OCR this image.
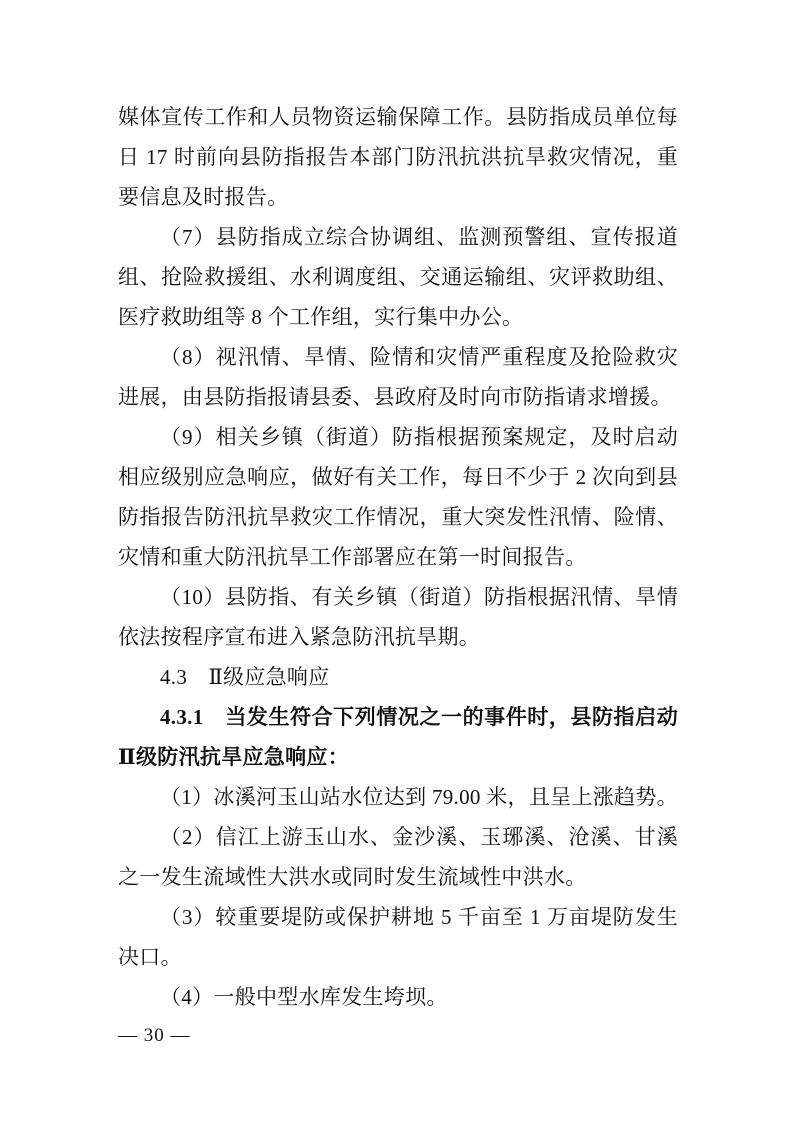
媒体宣传工作和人员物资运输保障工作。县防指成员单位每日 17 时前向县防指报告本部门防汛抗洪抗旱救灾情况，重要信息及时报告。

（7）县防指成立综合协调组、监测预警组、宣传报道组、抢险救援组、水利调度组、交通运输组、灾评救助组、医疗救助组等 8 个工作组，实行集中办公。

（8）视汛情、旱情、险情和灾情严重程度及抢险救灾进展，由县防指报请县委、县政府及时向市防指请求增援。

（9）相关乡镇（街道）防指根据预案规定，及时启动相应级别应急响应，做好有关工作，每日不少于 2 次向到县防指报告防汛抗旱救灾工作情况，重大突发性汛情、险情、灾情和重大防汛抗旱工作部署应在第一时间报告。

（10）县防指、有关乡镇（街道）防指根据汛情、旱情依法按程序宣布进入紧急防汛抗旱期。

4.3　Ⅱ级应急响应

4.3.1　当发生符合下列情况之一的事件时，县防指启动Ⅱ级防汛抗旱应急响应：

（1）冰溪河玉山站水位达到 79.00 米，且呈上涨趋势。

（2）信江上游玉山水、金沙溪、玉琊溪、沧溪、甘溪之一发生流域性大洪水或同时发生流域性中洪水。

（3）较重要堤防或保护耕地 5 千亩至 1 万亩堤防发生决口。

（4）一般中型水库发生垮坝。

— 30 —
